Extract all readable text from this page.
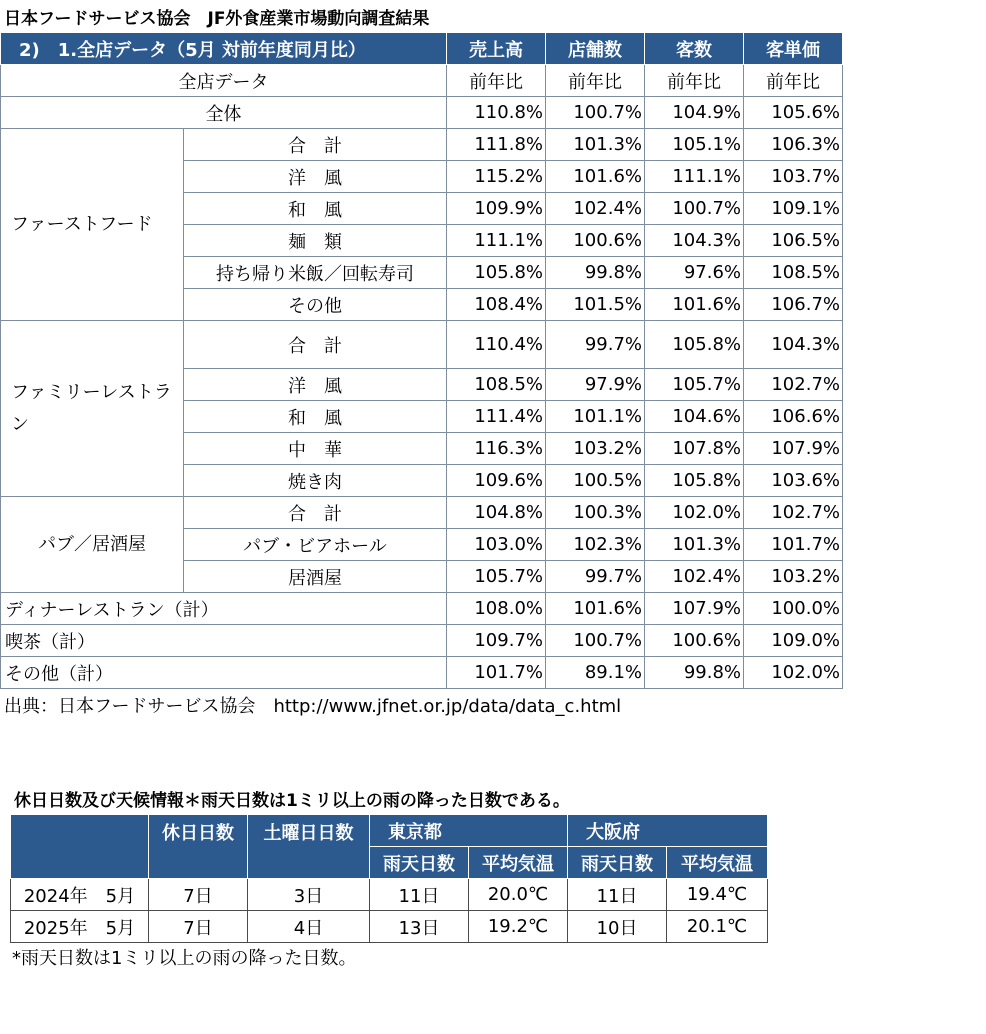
日本フードサービス協会　JF外食産業市場動向調査結果
2)　1.全店データ（5月 対前年度同月比）		売上高	店舗数	客数	客単価
全店データ		前年比	前年比	前年比	前年比
全体		110.8%	100.7%	104.9%	105.6%
ファーストフード	合　計	111.8%	101.3%	105.1%	106.3%
	洋　風	115.2%	101.6%	111.1%	103.7%
	和　風	109.9%	102.4%	100.7%	109.1%
	麺　類	111.1%	100.6%	104.3%	106.5%
	持ち帰り米飯／回転寿司	105.8%	99.8%	97.6%	108.5%
	その他	108.4%	101.5%	101.6%	106.7%
ファミリーレストラン	合　計	110.4%	99.7%	105.8%	104.3%
	洋　風	108.5%	97.9%	105.7%	102.7%
	和　風	111.4%	101.1%	104.6%	106.6%
	中　華	116.3%	103.2%	107.8%	107.9%
	焼き肉	109.6%	100.5%	105.8%	103.6%
パブ／居酒屋	合　計	104.8%	100.3%	102.0%	102.7%
	パブ・ビアホール	103.0%	102.3%	101.3%	101.7%
	居酒屋	105.7%	99.7%	102.4%	103.2%
ディナーレストラン（計）		108.0%	101.6%	107.9%	100.0%
喫茶（計）		109.7%	100.7%	100.6%	109.0%
その他（計）		101.7%	89.1%	99.8%	102.0%
出典：日本フードサービス協会　http://www.jfnet.or.jp/data/data_c.html
休日日数及び天候情報＊雨天日数は1ミリ以上の雨の降った日数である。
	休日日数	土曜日日数	東京都		大阪府	
			雨天日数	平均気温	雨天日数	平均気温
2024年　5月	7日	3日	11日	20.0℃	11日	19.4℃
2025年　5月	7日	4日	13日	19.2℃	10日	20.1℃
*雨天日数は1ミリ以上の雨の降った日数。
